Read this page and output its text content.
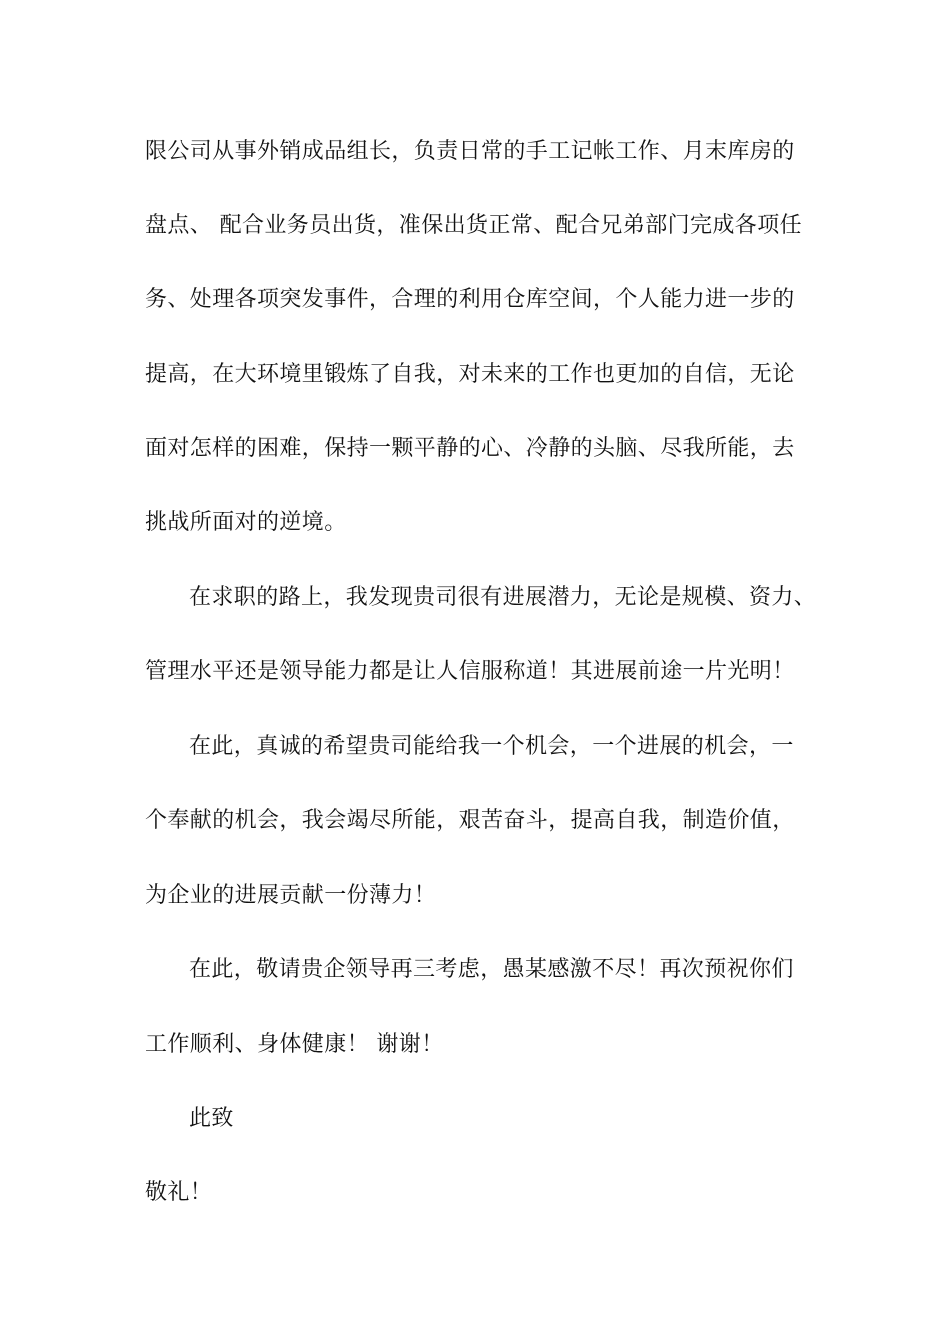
限公司从事外销成品组长，负责日常的手工记帐工作、月末库房的
盘点、 配合业务员出货，准保出货正常、配合兄弟部门完成各项任
务、处理各项突发事件，合理的利用仓库空间，个人能力进一步的
提高，在大环境里锻炼了自我，对未来的工作也更加的自信，无论
面对怎样的困难，保持一颗平静的心、冷静的头脑、尽我所能，去
挑战所面对的逆境。
在求职的路上，我发现贵司很有进展潜力，无论是规模、资力、
管理水平还是领导能力都是让人信服称道！其进展前途一片光明！
在此，真诚的希望贵司能给我一个机会，一个进展的机会，一
个奉献的机会，我会竭尽所能，艰苦奋斗，提高自我，制造价值，
为企业的进展贡献一份薄力！
在此，敬请贵企领导再三考虑，愚某感激不尽！再次预祝你们
工作顺利、身体健康！ 谢谢！
此致
敬礼！
